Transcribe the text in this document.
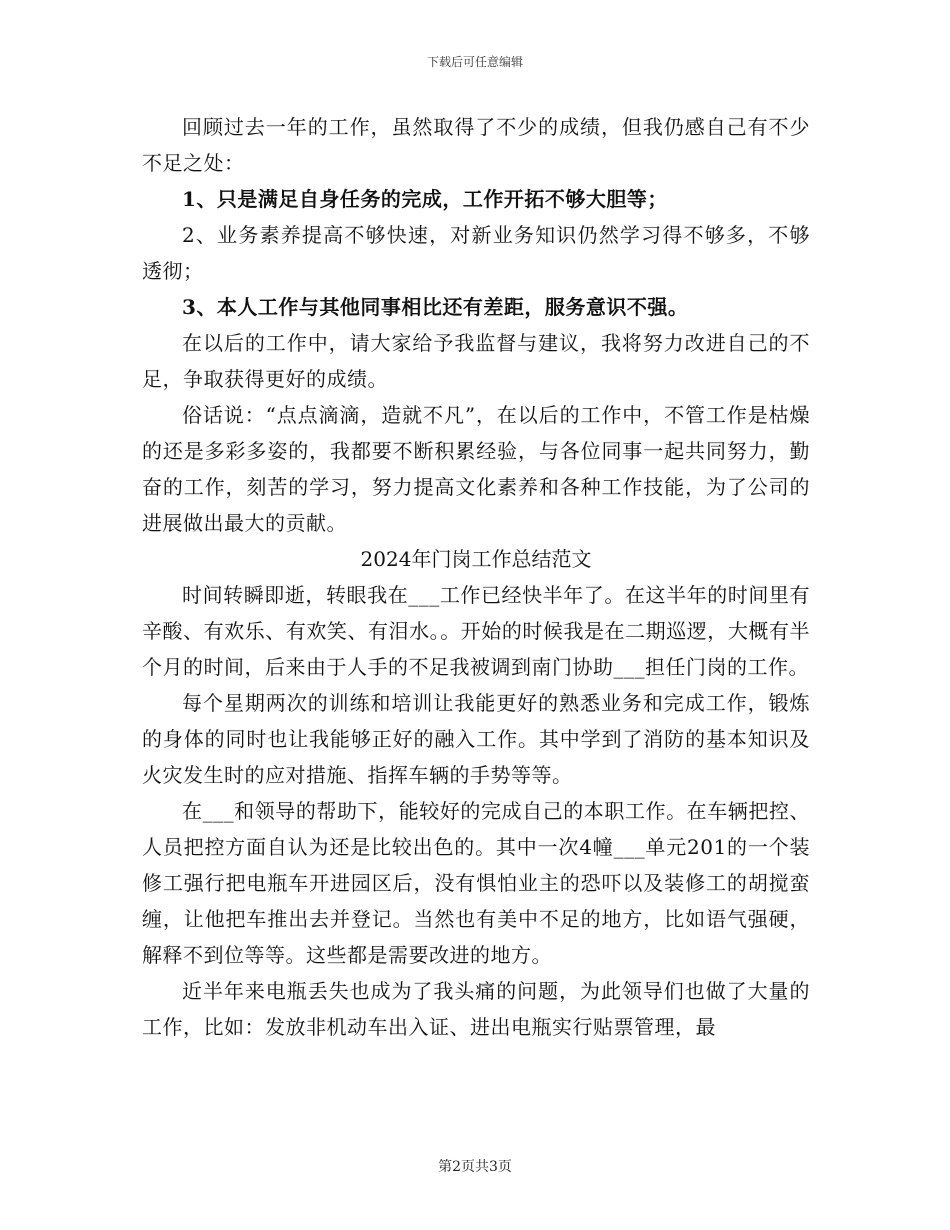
下载后可任意编辑

回顾过去一年的工作，虽然取得了不少的成绩，但我仍感自己有不少不足之处：

1、只是满足自身任务的完成，工作开拓不够大胆等；

2、业务素养提高不够快速，对新业务知识仍然学习得不够多，不够透彻；

3、本人工作与其他同事相比还有差距，服务意识不强。

在以后的工作中，请大家给予我监督与建议，我将努力改进自己的不足，争取获得更好的成绩。

俗话说：“点点滴滴，造就不凡”，在以后的工作中，不管工作是枯燥的还是多彩多姿的，我都要不断积累经验，与各位同事一起共同努力，勤奋的工作，刻苦的学习，努力提高文化素养和各种工作技能，为了公司的进展做出最大的贡献。

2024年门岗工作总结范文

时间转瞬即逝，转眼我在___工作已经快半年了。在这半年的时间里有辛酸、有欢乐、有欢笑、有泪水。。开始的时候我是在二期巡逻，大概有半个月的时间，后来由于人手的不足我被调到南门协助___担任门岗的工作。

每个星期两次的训练和培训让我能更好的熟悉业务和完成工作，锻炼的身体的同时也让我能够正好的融入工作。其中学到了消防的基本知识及火灾发生时的应对措施、指挥车辆的手势等等。

在___和领导的帮助下，能较好的完成自己的本职工作。在车辆把控、人员把控方面自认为还是比较出色的。其中一次4幢___单元201的一个装修工强行把电瓶车开进园区后，没有惧怕业主的恐吓以及装修工的胡搅蛮缠，让他把车推出去并登记。当然也有美中不足的地方，比如语气强硬，解释不到位等等。这些都是需要改进的地方。

近半年来电瓶丢失也成为了我头痛的问题，为此领导们也做了大量的工作，比如：发放非机动车出入证、进出电瓶实行贴票管理，最

第2页共3页
